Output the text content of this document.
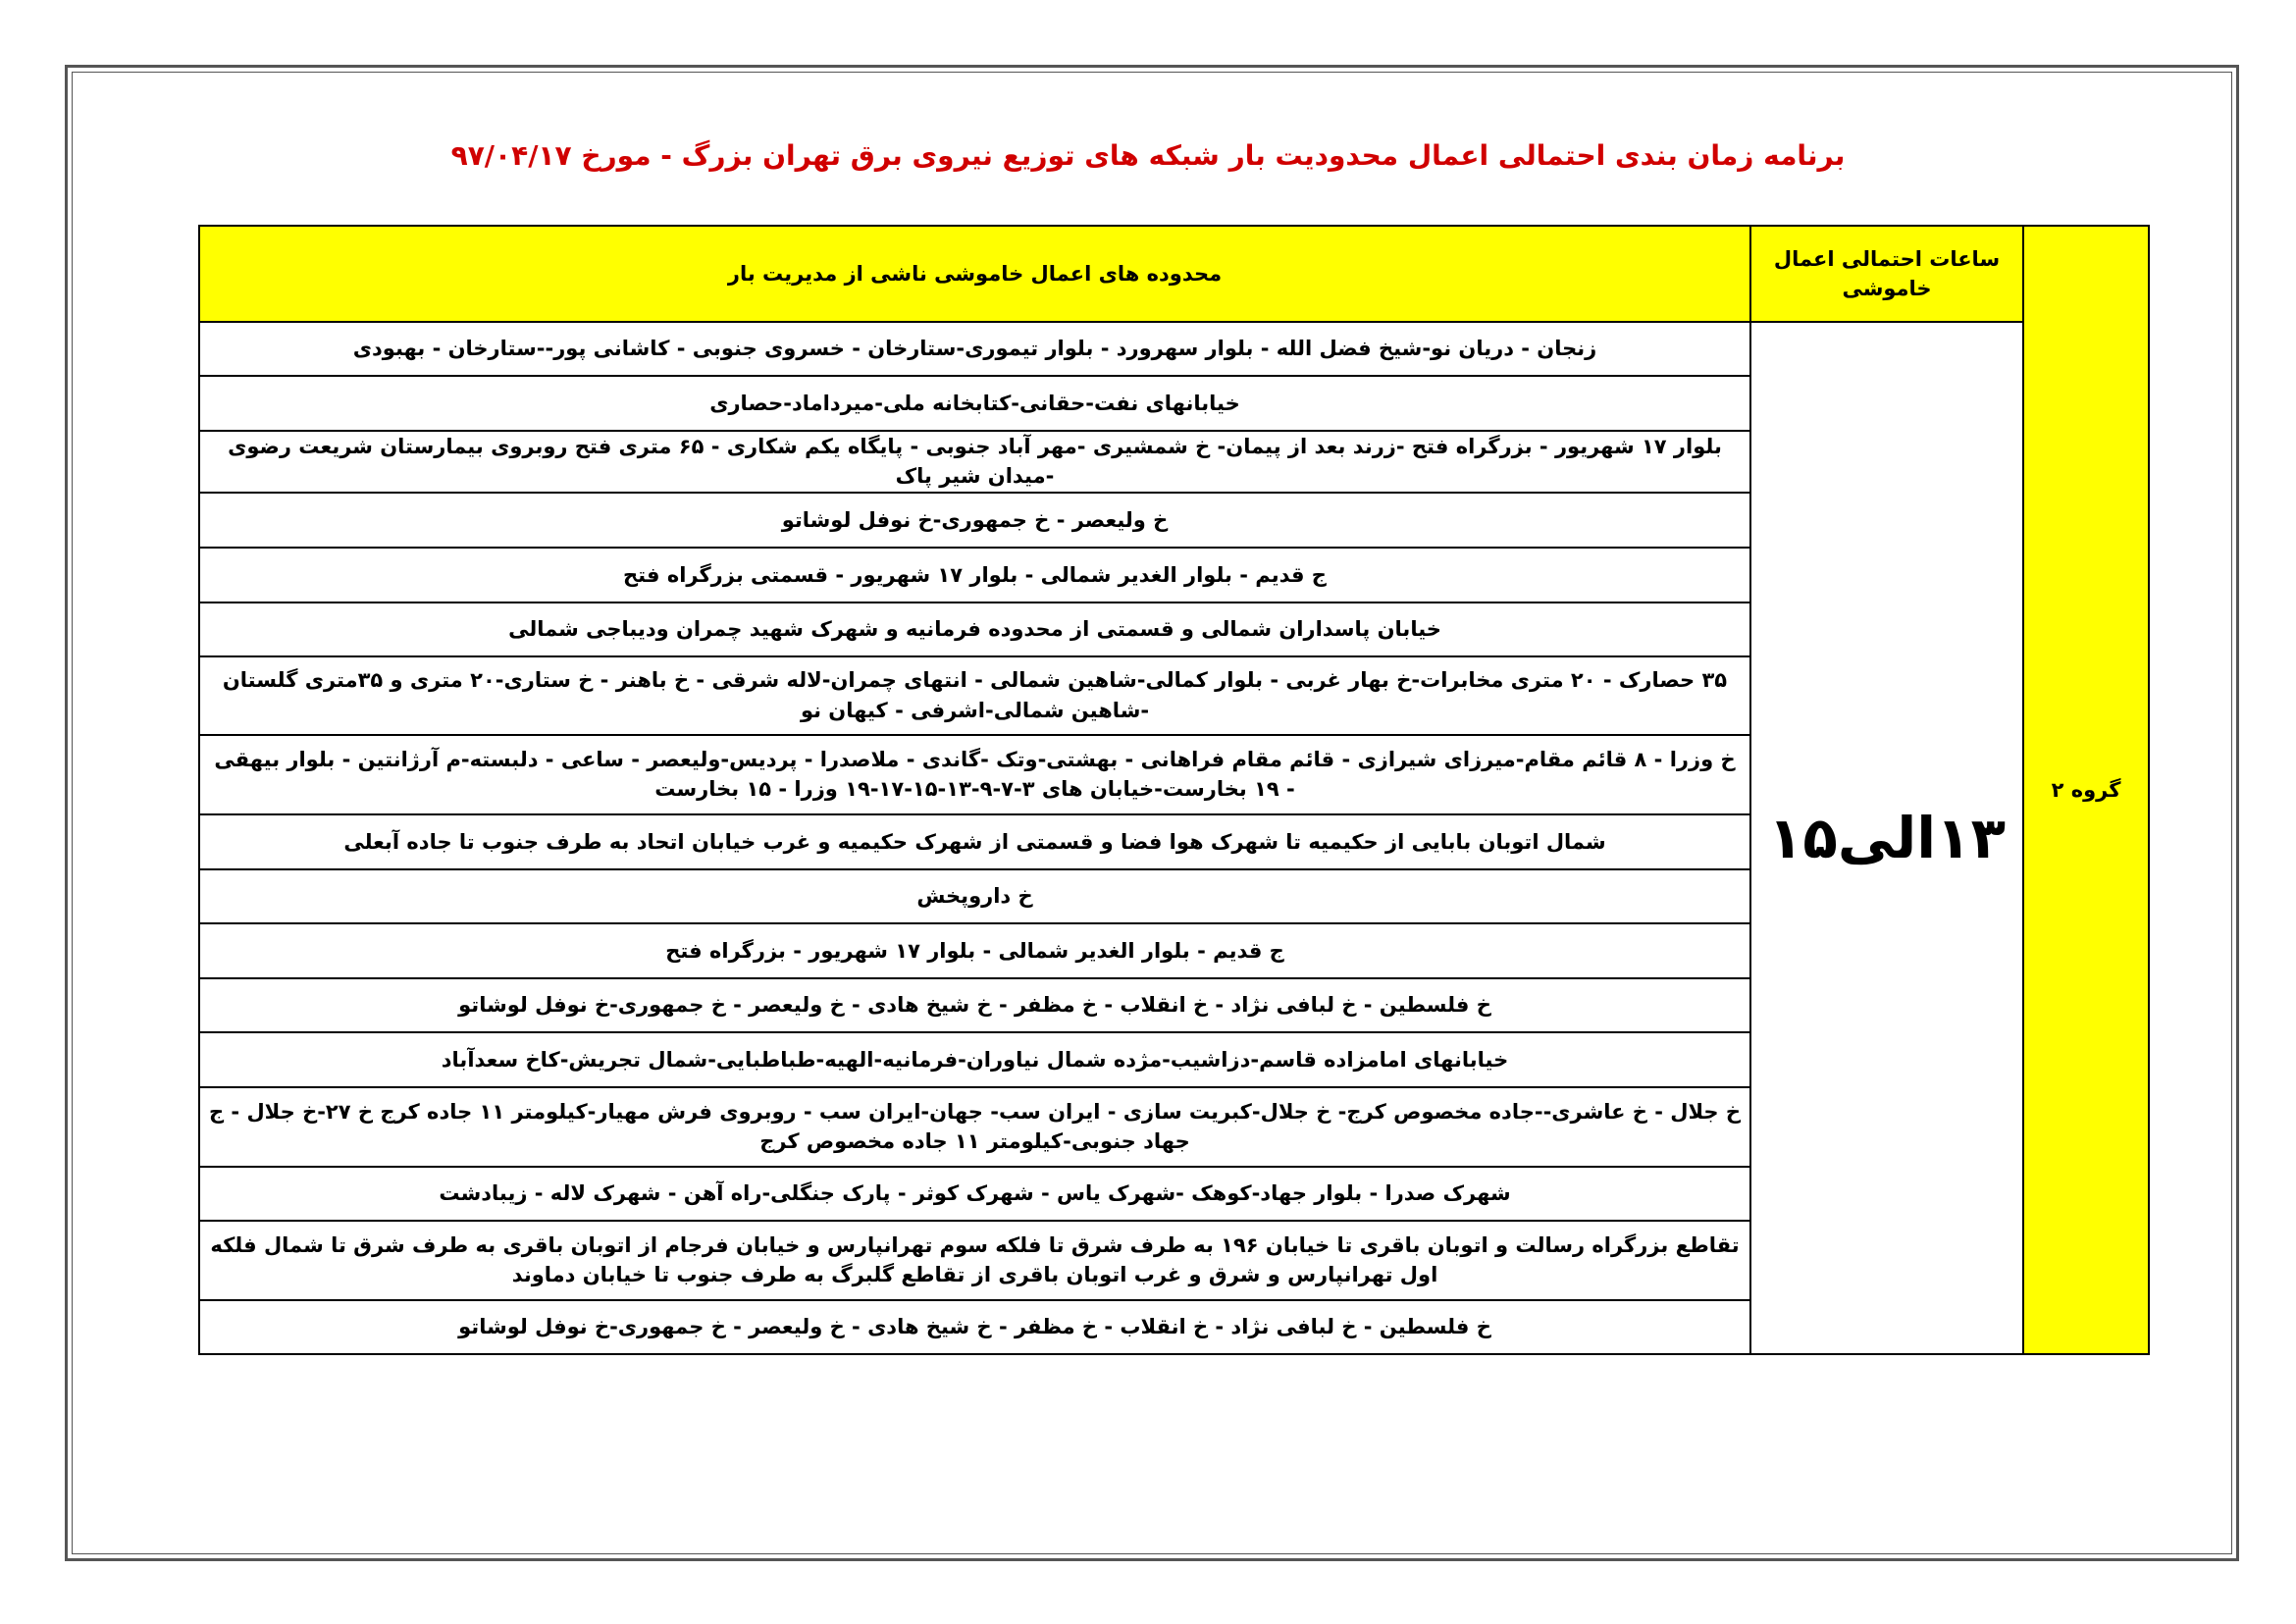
برنامه زمان بندی احتمالی اعمال محدودیت بار شبکه های توزیع نیروی برق تهران بزرگ - مورخ ۹۷/۰۴/۱۷
گروه ۲	ساعات احتمالی اعمال خاموشی	محدوده های اعمال خاموشی ناشی از مدیریت بار
	۱۳الی۱۵	زنجان - دریان نو-شیخ فضل الله - بلوار سهرورد - بلوار تیموری-ستارخان - خسروی جنوبی - کاشانی پور--ستارخان - بهبودی
		خیابانهای نفت-حقانی-کتابخانه ملی-میرداماد-حصاری
		بلوار ۱۷ شهریور - بزرگراه فتح -زرند بعد از پیمان- خ شمشیری -مهر آباد جنوبی - پایگاه یکم شکاری - ۶۵ متری فتح روبروی بیمارستان شریعت رضوی -میدان شیر پاک
		خ ولیعصر - خ جمهوری-خ نوفل لوشاتو
		ج قدیم - بلوار الغدیر شمالی - بلوار ۱۷ شهریور - قسمتی بزرگراه فتح
		خیابان پاسداران شمالی و قسمتی از محدوده فرمانیه و شهرک شهید چمران ودیباجی شمالی
		۳۵ حصارک - ۲۰ متری مخابرات-خ بهار غربی - بلوار کمالی-شاهین شمالی - انتهای چمران-لاله شرقی - خ باهنر - خ ستاری-۲۰ متری و ۳۵متری گلستان -شاهین شمالی-اشرفی - کیهان نو
		خ وزرا - ۸ قائم مقام-میرزای شیرازی - قائم مقام فراهانی - بهشتی-وتک -گاندی - ملاصدرا - پردیس-ولیعصر - ساعی - دلبسته-م آرژانتین - بلوار بیهقی - ۱۹ بخارست-خیابان های ۳-۷-۹-۱۳-۱۵-۱۷-۱۹ وزرا - ۱۵ بخارست
		شمال اتوبان بابایی از حکیمیه تا شهرک هوا فضا و قسمتی از شهرک حکیمیه و غرب خیابان اتحاد به طرف جنوب تا جاده آبعلی
		خ داروپخش
		ج قدیم - بلوار الغدیر شمالی - بلوار ۱۷ شهریور - بزرگراه فتح
		خ فلسطین - خ لبافی نژاد - خ انقلاب - خ مظفر - خ شیخ هادی - خ ولیعصر - خ جمهوری-خ نوفل لوشاتو
		خیابانهای امامزاده قاسم-دزاشیب-مژده شمال نیاوران-فرمانیه-الهیه-طباطبایی-شمال تجریش-کاخ سعدآباد
		خ جلال - خ عاشری--جاده مخصوص کرج- خ جلال-کبریت سازی - ایران سب- جهان-ایران سب - روبروی فرش مهیار-کیلومتر ۱۱ جاده کرج خ ۲۷-خ جلال - ج جهاد جنوبی-کیلومتر ۱۱ جاده مخصوص کرج
		شهرک صدرا - بلوار جهاد-کوهک -شهرک یاس - شهرک کوثر - پارک جنگلی-راه آهن - شهرک لاله - زیبادشت
		تقاطع بزرگراه رسالت و اتوبان باقری تا خیابان ۱۹۶ به طرف شرق تا فلکه سوم تهرانپارس و خیابان فرجام از اتوبان باقری به طرف شرق تا شمال فلکه اول تهرانپارس و شرق و غرب اتوبان باقری از تقاطع گلبرگ به طرف جنوب تا خیابان دماوند
		خ فلسطین - خ لبافی نژاد - خ انقلاب - خ مظفر - خ شیخ هادی - خ ولیعصر - خ جمهوری-خ نوفل لوشاتو
